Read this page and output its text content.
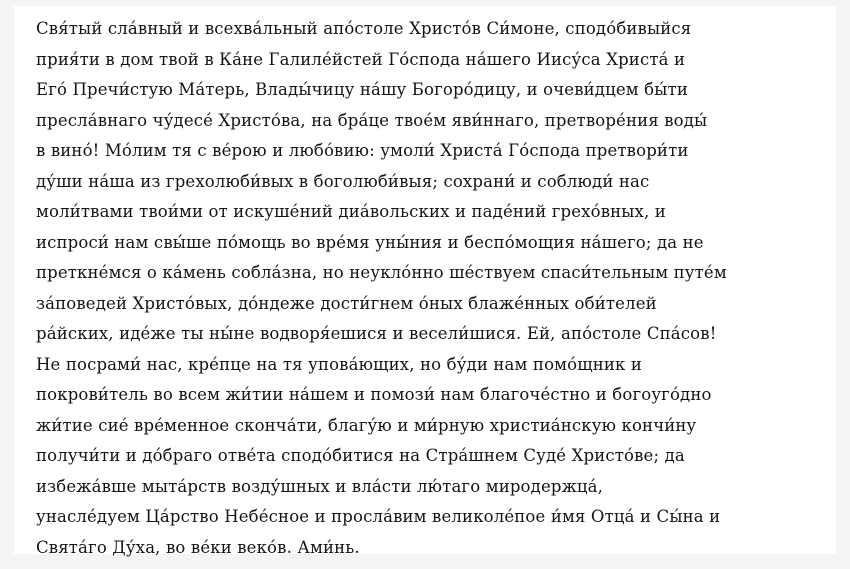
Свя́тый сла́вный и всехва́льный апо́столе Христо́в Си́моне, сподо́бивыйся
прия́ти в дом твой в Ка́не Галиле́йстей Го́спода на́шего Иису́са Христа́ и
Его́ Пречи́стую Ма́терь, Влады́чицу на́шу Богоро́дицу, и очеви́дцем бы́ти
пресла́внаго чу́десе́ Христо́ва, на бра́це твое́м яви́ннаго, претворе́ния воды́
в вино́! Мо́лим тя с ве́рою и любо́вию: умоли́ Христа́ Го́спода претвори́ти
ду́ши на́ша из грехолюби́вых в боголюби́выя; сохрани́ и соблюди́ нас
моли́твами твои́ми от искуше́ний диа́вольских и паде́ний грехо́вных, и
испроси́ нам свы́ше по́мощь во вре́мя уны́ния и беспо́мощия на́шего; да не
преткне́мся о ка́мень собла́зна, но неукло́нно ше́ствуем спаси́тельным путе́м
за́поведей Христо́вых, до́ндеже дости́гнем о́ных блаже́нных оби́телей
ра́йских, иде́же ты ны́не водворя́ешися и весели́шися. Ей, апо́столе Спа́сов!
Не посрами́ нас, кре́пце на тя упова́ющих, но бу́ди нам помо́щник и
покрови́тель во всем жи́тии на́шем и помози́ нам благоче́стно и богоуго́дно
жи́тие сие́ вре́менное сконча́ти, благу́ю и ми́рную христиа́нскую кончи́ну
получи́ти и до́браго отве́та сподо́битися на Стра́шнем Суде́ Христо́ве; да
избежа́вше мыта́рств возду́шных и вла́сти лю́таго миродержца́,
унасле́дуем Ца́рство Небе́сное и просла́вим великоле́пое и́мя Отца́ и Сы́на и
Свята́го Ду́ха, во ве́ки веко́в. Ами́нь.
